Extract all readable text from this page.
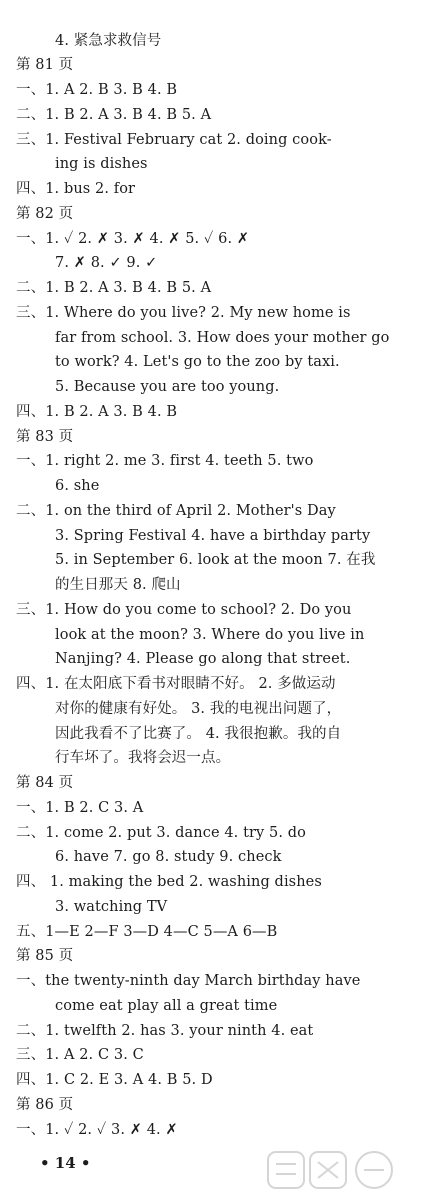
4. 紧急求救信号
第 81 页
一、1. A 2. B 3. B 4. B
二、1. B 2. A 3. B 4. B 5. A
三、1. Festival February cat 2. doing cook-
ing is dishes
四、1. bus 2. for
第 82 页
一、1. ✓ 2. ✗ 3. ✗ 4. ✗ 5. ✓ 6. ✗
7. ✗ 8. ✓ 9. ✓
二、1. B 2. A 3. B 4. B 5. A
三、1. Where do you live? 2. My new home is
far from school. 3. How does your mother go
to work? 4. Let's go to the zoo by taxi.
5. Because you are too young.
四、1. B 2. A 3. B 4. B
第 83 页
一、1. right 2. me 3. first 4. teeth 5. two
6. she
二、1. on the third of April 2. Mother's Day
3. Spring Festival 4. have a birthday party
5. in September 6. look at the moon 7. 在我
的生日那天 8. 爬山
三、1. How do you come to school? 2. Do you
look at the moon? 3. Where do you live in
Nanjing? 4. Please go along that street.
四、1. 在太阳底下看书对眼睛不好。 2. 多做运动
对你的健康有好处。 3. 我的电视出问题了，
因此我看不了比赛了。 4. 我很抱歉。我的自
行车坏了。我将会迟一点。
第 84 页
一、1. B 2. C 3. A
二、1. come 2. put 3. dance 4. try 5. do
6. have 7. go 8. study 9. check
四、 1. making the bed 2. washing dishes
3. watching TV
五、1—E 2—F 3—D 4—C 5—A 6—B
第 85 页
一、the twenty-ninth day March birthday have
come eat play all a great time
二、1. twelfth 2. has 3. your ninth 4. eat
三、1. A 2. C 3. C
四、1. C 2. E 3. A 4. B 5. D
第 86 页
一、1. ✓ 2. ✓ 3. ✗ 4. ✗
• 14 •
